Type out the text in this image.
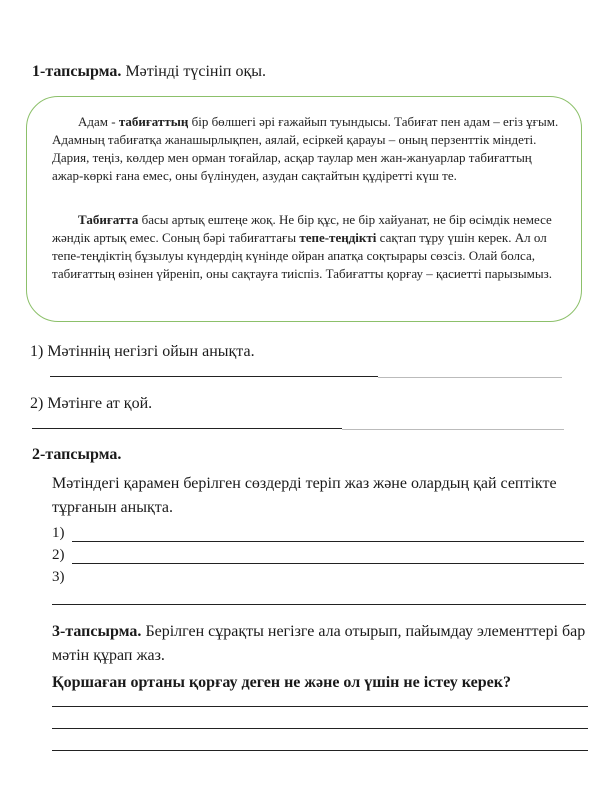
1-тапсырма. Мәтінді түсініп оқы.
Адам - табиғаттың бір бөлшегі әрі ғажайып туындысы. Табиғат пен адам – егіз ұғым. Адамның табиғатқа жанашырлықпен, аялай, есіркей қарауы – оның перзенттік міндеті. Дария, теңіз, көлдер мен орман тоғайлар, асқар таулар мен жан-жануарлар табиғаттың ажар-көркі ғана емес, оны бүлінуден, азудан сақтайтын құдіретті күш те.
Табиғатта басы артық ештеңе жоқ. Не бір құс, не бір хайуанат, не бір өсімдік немесе жәндік артық емес. Соның бәрі табиғаттағы тепе-теңдікті сақтап тұру үшін керек. Ал ол тепе-теңдіктің бұзылуы күндердің күнінде ойран апатқа соқтырары сөзсіз. Олай болса, табиғаттың өзінен үйреніп, оны сақтауға тиіспіз. Табиғатты қорғау – қасиетті парызымыз.
1) Мәтіннің негізгі ойын анықта.
2) Мәтінге ат қой.
2-тапсырма.
Мәтіндегі қарамен берілген сөздерді теріп жаз және олардың қай септікте тұрғанын анықта.
1)
2)
3)
3-тапсырма. Берілген сұрақты негізге ала отырып, пайымдау элементтері бар мәтін құрап жаз.
Қоршаған ортаны қорғау деген не және ол үшін не істеу керек?
